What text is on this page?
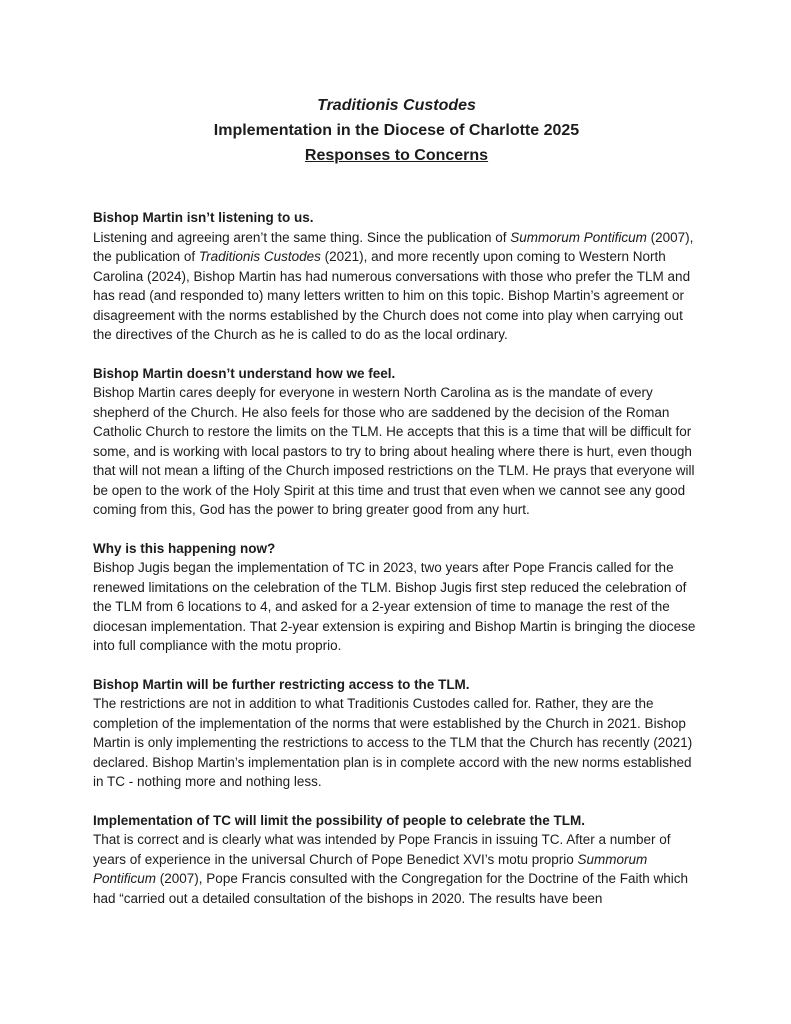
Traditionis Custodes
Implementation in the Diocese of Charlotte 2025
Responses to Concerns
Bishop Martin isn’t listening to us.

Listening and agreeing aren’t the same thing. Since the publication of Summorum Pontificum (2007), the publication of Traditionis Custodes (2021), and more recently upon coming to Western North Carolina (2024), Bishop Martin has had numerous conversations with those who prefer the TLM and has read (and responded to) many letters written to him on this topic. Bishop Martin’s agreement or disagreement with the norms established by the Church does not come into play when carrying out the directives of the Church as he is called to do as the local ordinary.

Bishop Martin doesn’t understand how we feel.

Bishop Martin cares deeply for everyone in western North Carolina as is the mandate of every shepherd of the Church. He also feels for those who are saddened by the decision of the Roman Catholic Church to restore the limits on the TLM. He accepts that this is a time that will be difficult for some, and is working with local pastors to try to bring about healing where there is hurt, even though that will not mean a lifting of the Church imposed restrictions on the TLM. He prays that everyone will be open to the work of the Holy Spirit at this time and trust that even when we cannot see any good coming from this, God has the power to bring greater good from any hurt.

Why is this happening now?

Bishop Jugis began the implementation of TC in 2023, two years after Pope Francis called for the renewed limitations on the celebration of the TLM. Bishop Jugis first step reduced the celebration of the TLM from 6 locations to 4, and asked for a 2-year extension of time to manage the rest of the diocesan implementation. That 2-year extension is expiring and Bishop Martin is bringing the diocese into full compliance with the motu proprio.

Bishop Martin will be further restricting access to the TLM.

The restrictions are not in addition to what Traditionis Custodes called for. Rather, they are the completion of the implementation of the norms that were established by the Church in 2021. Bishop Martin is only implementing the restrictions to access to the TLM that the Church has recently (2021) declared. Bishop Martin’s implementation plan is in complete accord with the new norms established in TC - nothing more and nothing less.

Implementation of TC will limit the possibility of people to celebrate the TLM.

That is correct and is clearly what was intended by Pope Francis in issuing TC. After a number of years of experience in the universal Church of Pope Benedict XVI’s motu proprio Summorum Pontificum (2007), Pope Francis consulted with the Congregation for the Doctrine of the Faith which had “carried out a detailed consultation of the bishops in 2020. The results have been
